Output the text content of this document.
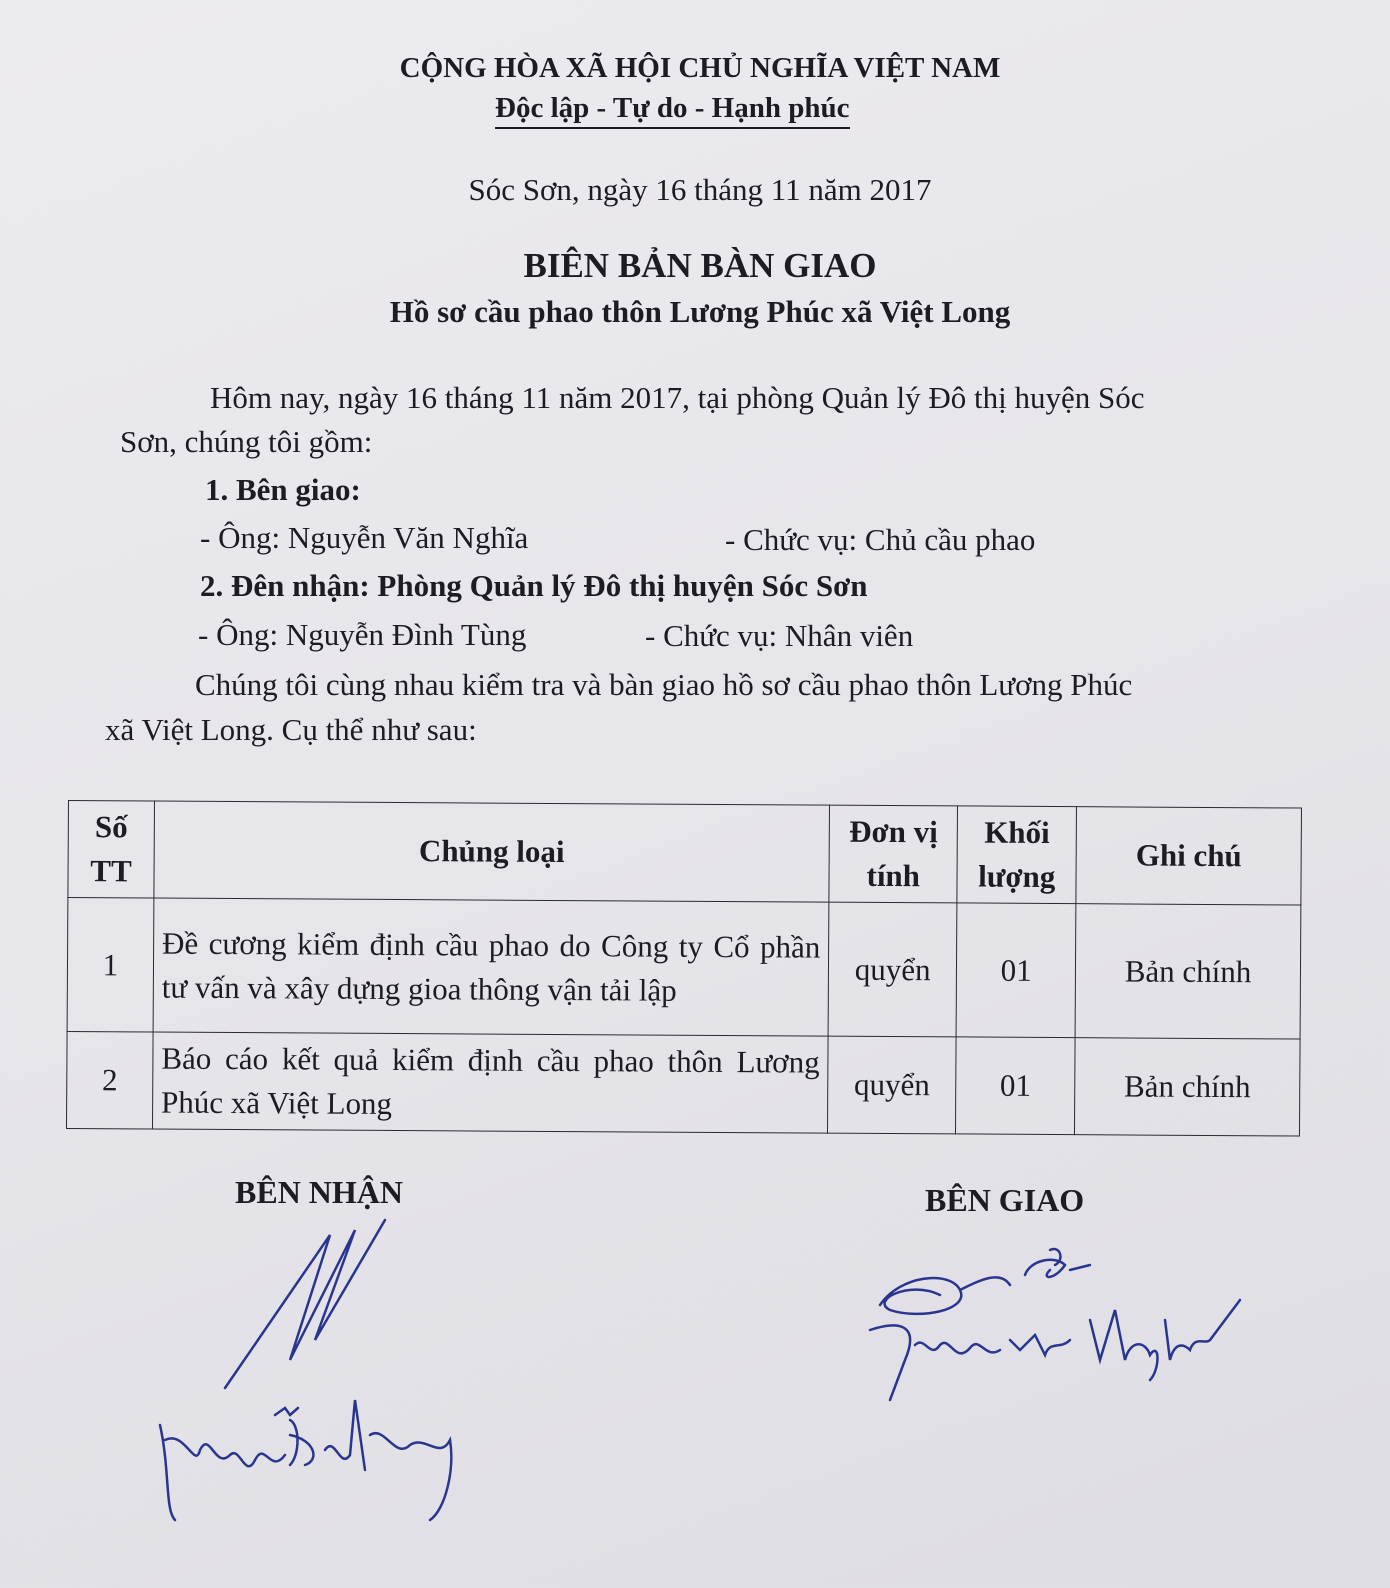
CỘNG HÒA XÃ HỘI CHỦ NGHĨA VIỆT NAM
Độc lập - Tự do - Hạnh phúc
Sóc Sơn, ngày 16 tháng 11 năm 2017
BIÊN BẢN BÀN GIAO
Hồ sơ cầu phao thôn Lương Phúc xã Việt Long
Hôm nay, ngày 16 tháng 11 năm 2017, tại phòng Quản lý Đô thị huyện Sóc
Sơn, chúng tôi gồm:
1. Bên giao:
- Ông: Nguyễn Văn Nghĩa	- Chức vụ: Chủ cầu phao
2. Đên nhận: Phòng Quản lý Đô thị huyện Sóc Sơn
- Ông: Nguyễn Đình Tùng	- Chức vụ: Nhân viên
Chúng tôi cùng nhau kiểm tra và bàn giao hồ sơ cầu phao thôn Lương Phúc
xã Việt Long. Cụ thể như sau:
Số TT	Chủng loại	Đơn vị tính	Khối lượng	Ghi chú
1	Đề cương kiểm định cầu phao do Công ty Cổ phần tư vấn và xây dựng gioa thông vận tải lập	quyển	01	Bản chính
2	Báo cáo kết quả kiểm định cầu phao thôn Lương Phúc xã Việt Long	quyển	01	Bản chính
BÊN NHẬN	BÊN GIAO
